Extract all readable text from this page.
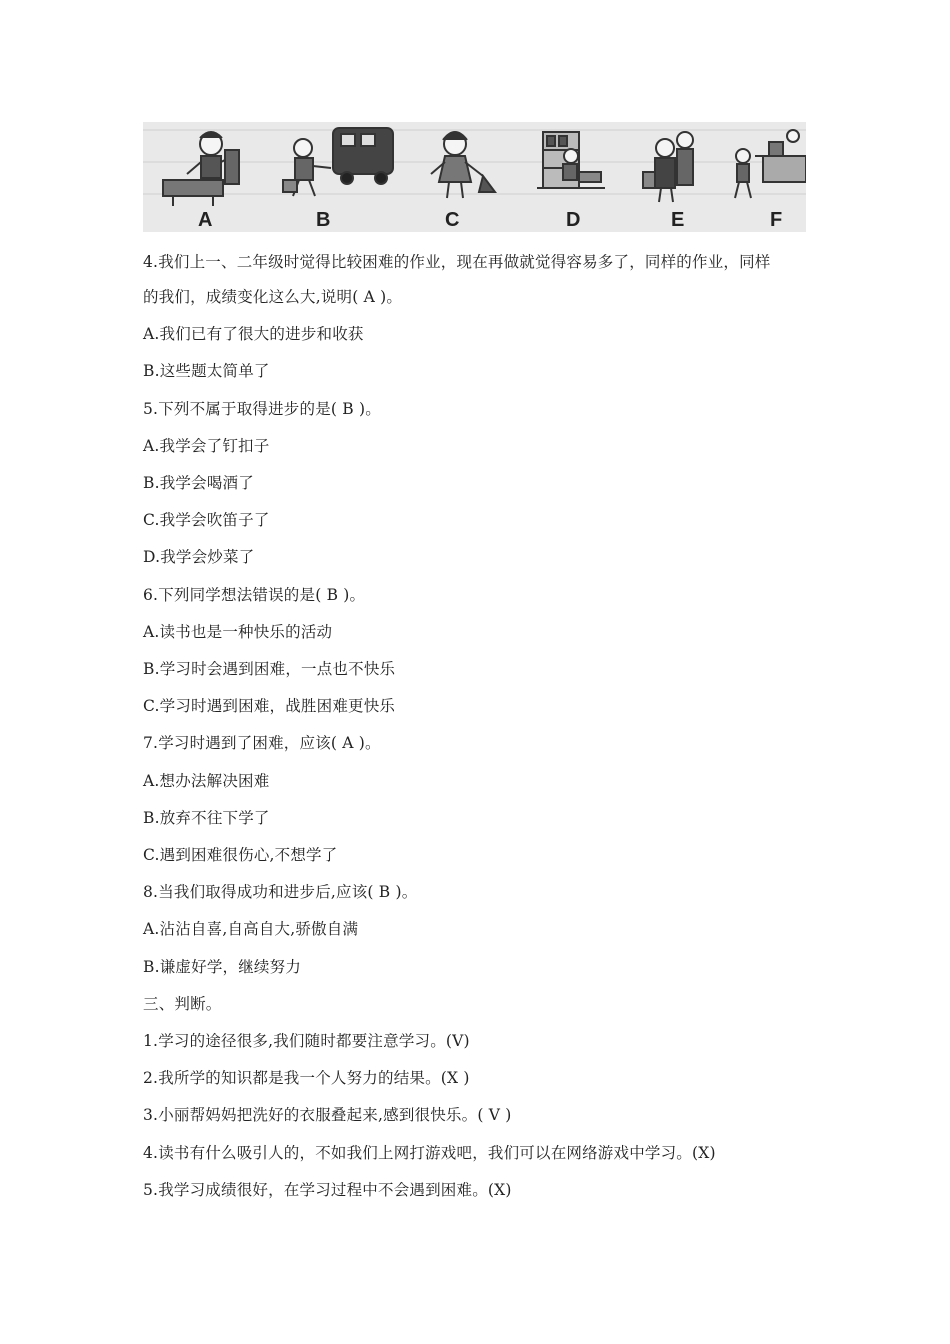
A	B	C	D	E	F
4.我们上一、二年级时觉得比较困难的作业，现在再做就觉得容易多了，同样的作业，同样
的我们，成绩变化这么大,说明( A )。
A.我们已有了很大的进步和收获
B.这些题太简单了
5.下列不属于取得进步的是( B )。
A.我学会了钉扣子
B.我学会喝酒了
C.我学会吹笛子了
D.我学会炒菜了
6.下列同学想法错误的是( B )。
A.读书也是一种快乐的活动
B.学习时会遇到困难，一点也不快乐
C.学习时遇到困难，战胜困难更快乐
7.学习时遇到了困难，应该( A )。
A.想办法解决困难
B.放弃不往下学了
C.遇到困难很伤心,不想学了
8.当我们取得成功和进步后,应该( B )。
A.沾沾自喜,自高自大,骄傲自满
B.谦虚好学，继续努力
三、判断。
1.学习的途径很多,我们随时都要注意学习。(V)
2.我所学的知识都是我一个人努力的结果。(X )
3.小丽帮妈妈把洗好的衣服叠起来,感到很快乐。( V )
4.读书有什么吸引人的，不如我们上网打游戏吧，我们可以在网络游戏中学习。(X)
5.我学习成绩很好，在学习过程中不会遇到困难。(X)
